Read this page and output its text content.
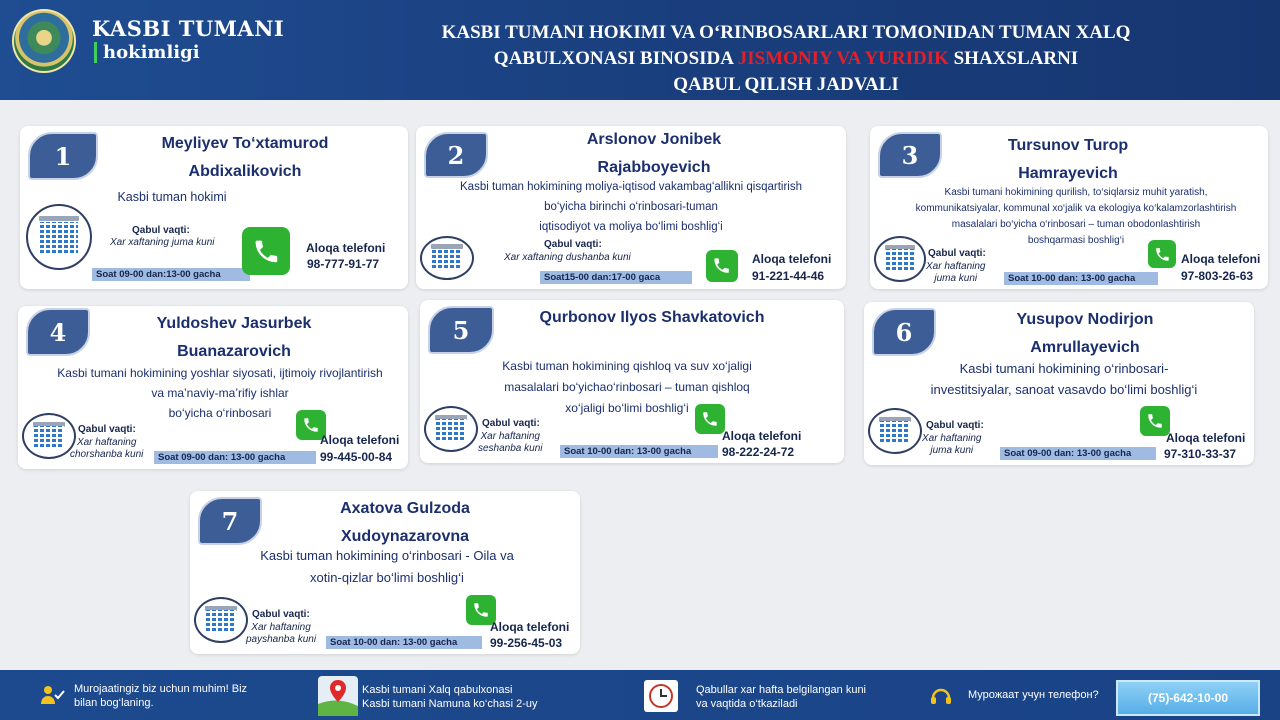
KASBI TUMANI
hokimligi
KASBI TUMANI HOKIMI VA O‘RINBOSARLARI TOMONIDAN TUMAN XALQ
QABULXONASI BINOSIDA JISMONIY VA YURIDIK SHAXSLARNI
QABUL QILISH JADVALI
1	Meyliyev To‘xtamurod
Abdixalikovich
Kasbi tuman hokimi
Qabul vaqti:
Xar xaftaning juma kuni
Soat 09-00 dan:13-00 gacha
Aloqa telefoni
98-777-91-77
2
Arslonov Jonibek
Rajabboyevich
Kasbi tuman hokimining moliya-iqtisod vakambag‘allikni qisqartirish
bo‘yicha birinchi o‘rinbosari-tuman
iqtisodiyot va moliya bo‘limi boshlig‘i
Qabul vaqti:
Xar xaftaning dushanba kuni
Soat15-00 dan:17-00 gaca
Aloqa telefoni
91-221-44-46
3	Tursunov Turop
Hamrayevich
Kasbi tumani hokimining qurilish, to‘siqlarsiz muhit yaratish,
kommunikatsiyalar, kommunal xo‘jalik va ekologiya ko‘kalamzorlashtirish
masalalari bo‘yicha o‘rinbosari – tuman obodonlashtirish
boshqarmasi boshlig‘i
Qabul vaqti:
Xar haftaning
juma kuni	Soat 10-00 dan: 13-00 gacha
Aloqa telefoni
97-803-26-63
4	Yuldoshev Jasurbek
Buanazarovich
Kasbi tumani hokimining yoshlar siyosati, ijtimoiy rivojlantirish
va ma’naviy-ma’rifiy ishlar
bo‘yicha o‘rinbosari
Qabul vaqti:
Xar haftaning
chorshanba kuni	Soat 09-00 dan: 13-00 gacha
Aloqa telefoni
99-445-00-84
5	Qurbonov Ilyos Shavkatovich
Kasbi tuman hokimining qishloq va suv xo‘jaligi
masalalari bo‘yichao‘rinbosari – tuman qishloq
xo‘jaligi bo‘limi boshlig‘i
Qabul vaqti:
Xar haftaning
seshanba kuni	Soat 10-00 dan: 13-00 gacha
Aloqa telefoni
98-222-24-72
6	Yusupov Nodirjon
Amrullayevich
Kasbi tumani hokimining o‘rinbosari-
investitsiyalar, sanoat vasavdo bo‘limi boshlig‘i
Qabul vaqti:
Xar haftaning
juma kuni	Soat 09-00 dan: 13-00 gacha
Aloqa telefoni
97-310-33-37
7	Axatova Gulzoda
Xudoynazarovna
Kasbi tuman hokimining o‘rinbosari - Oila va
xotin-qizlar bo‘limi boshlig‘i
Qabul vaqti:
Xar haftaning
payshanba kuni	Soat 10-00 dan: 13-00 gacha
Aloqa telefoni
99-256-45-03
Murojaatingiz biz uchun muhim! Biz
bilan bog‘laning.
Kasbi tumani Xalq qabulxonasi
Kasbi tumani Namuna ko‘chasi 2-uy
Qabullar xar hafta belgilangan kuni
va vaqtida o‘tkaziladi
Мурожаат учун телефон?	(75)-642-10-00
